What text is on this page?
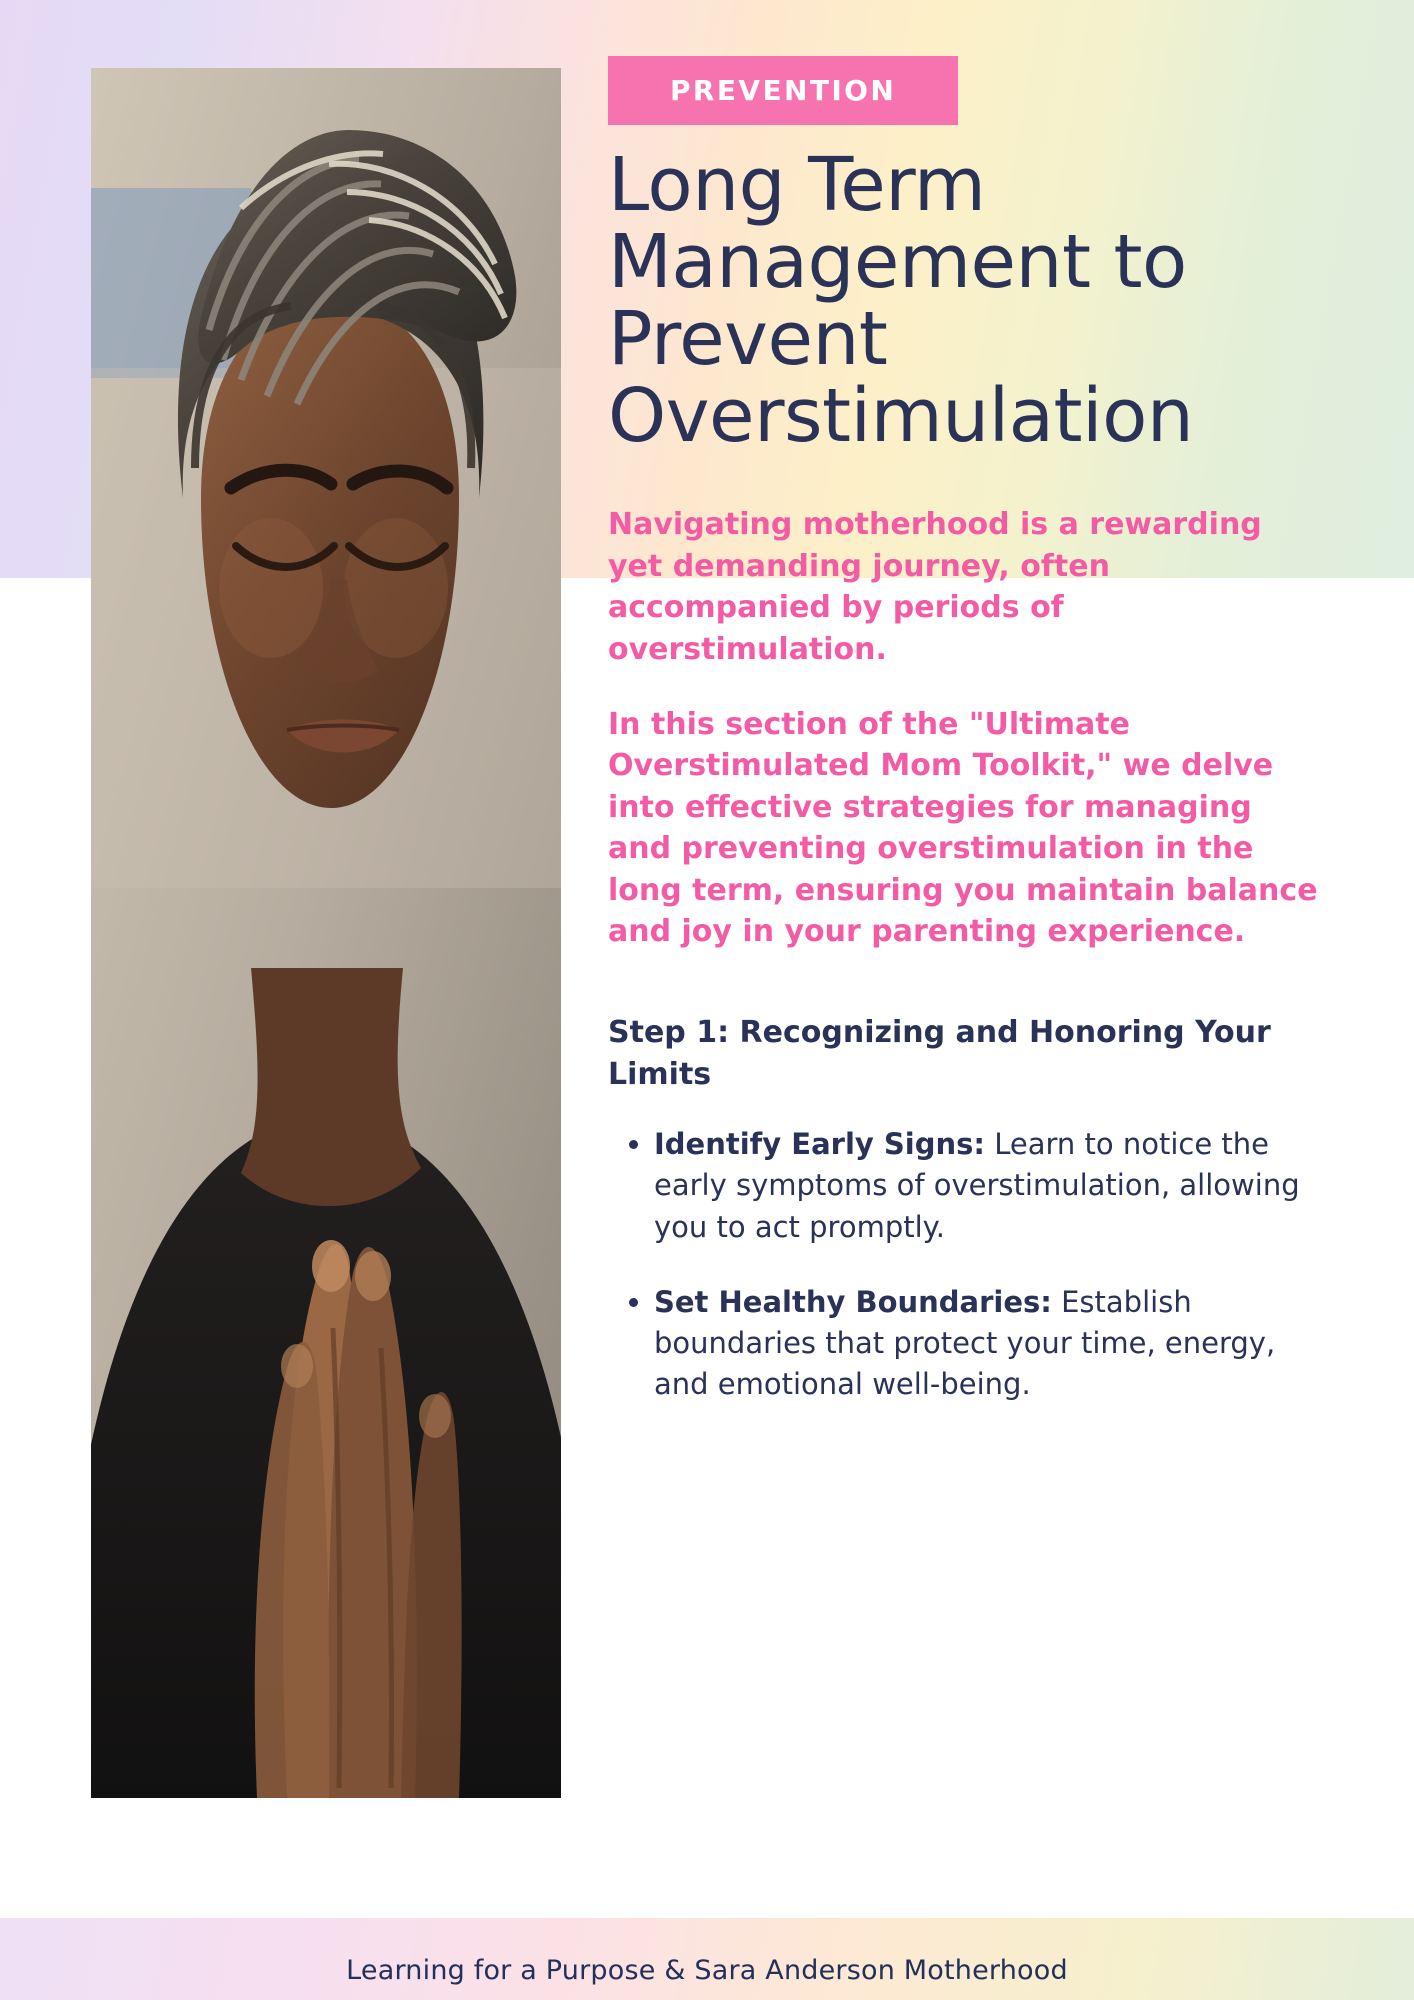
Learning for a Purpose & Sara Anderson Motherhood
PREVENTION
Long Term Management to Prevent Overstimulation

Navigating motherhood is a rewarding yet demanding journey, often accompanied by periods of overstimulation.

In this section of the "Ultimate Overstimulated Mom Toolkit," we delve into effective strategies for managing and preventing overstimulation in the long term, ensuring you maintain balance and joy in your parenting experience.

Step 1: Recognizing and Honoring Your Limits
• Identify Early Signs: Learn to notice the early symptoms of overstimulation, allowing you to act promptly.
• Set Healthy Boundaries: Establish boundaries that protect your time, energy, and emotional well-being.
